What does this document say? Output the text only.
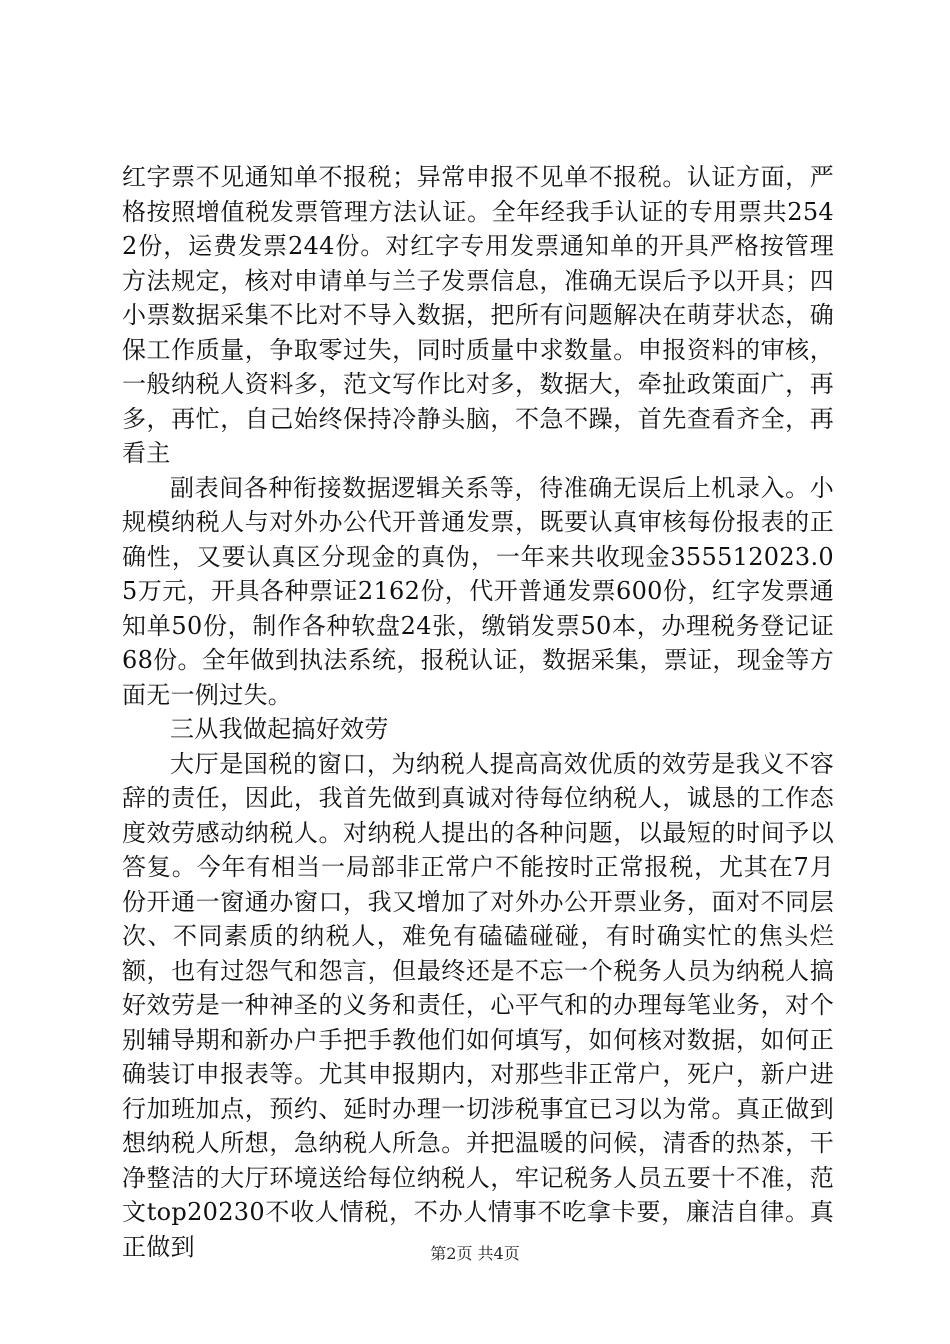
红字票不见通知单不报税；异常申报不见单不报税。认证方面，严格按照增值税发票管理方法认证。全年经我手认证的专用票共2542份，运费发票244份。对红字专用发票通知单的开具严格按管理方法规定，核对申请单与兰子发票信息，准确无误后予以开具；四小票数据采集不比对不导入数据，把所有问题解决在萌芽状态，确保工作质量，争取零过失，同时质量中求数量。申报资料的审核，一般纳税人资料多，范文写作比对多，数据大，牵扯政策面广，再多，再忙，自己始终保持冷静头脑，不急不躁，首先查看齐全，再看主

副表间各种衔接数据逻辑关系等，待准确无误后上机录入。小规模纳税人与对外办公代开普通发票，既要认真审核每份报表的正确性，又要认真区分现金的真伪，一年来共收现金355512023.05万元，开具各种票证2162份，代开普通发票600份，红字发票通知单50份，制作各种软盘24张，缴销发票50本，办理税务登记证68份。全年做到执法系统，报税认证，数据采集，票证，现金等方面无一例过失。

三从我做起搞好效劳

大厅是国税的窗口，为纳税人提高高效优质的效劳是我义不容辞的责任，因此，我首先做到真诚对待每位纳税人，诚恳的工作态度效劳感动纳税人。对纳税人提出的各种问题，以最短的时间予以答复。今年有相当一局部非正常户不能按时正常报税，尤其在7月份开通一窗通办窗口，我又增加了对外办公开票业务，面对不同层次、不同素质的纳税人，难免有磕磕碰碰，有时确实忙的焦头烂额，也有过怨气和怨言，但最终还是不忘一个税务人员为纳税人搞好效劳是一种神圣的义务和责任，心平气和的办理每笔业务，对个别辅导期和新办户手把手教他们如何填写，如何核对数据，如何正确装订申报表等。尤其申报期内，对那些非正常户，死户，新户进行加班加点，预约、延时办理一切涉税事宜已习以为常。真正做到想纳税人所想，急纳税人所急。并把温暖的问候，清香的热茶，干净整洁的大厅环境送给每位纳税人，牢记税务人员五要十不准，范文top20230不收人情税，不办人情事不吃拿卡要，廉洁自律。真正做到	第2页 共4页
